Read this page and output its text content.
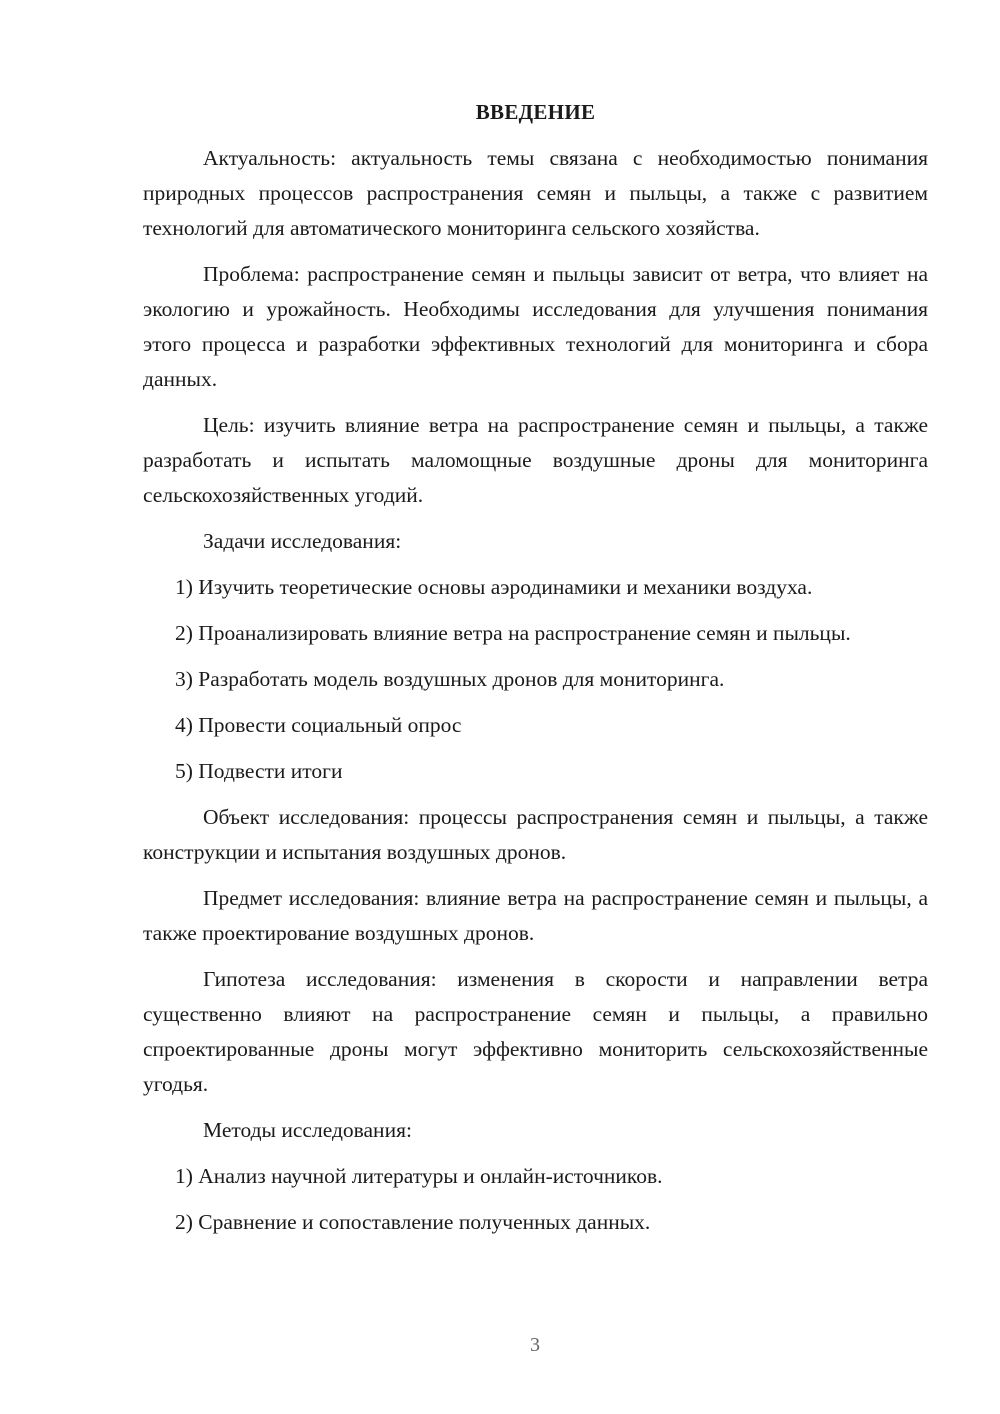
ВВЕДЕНИЕ

Актуальность: актуальность темы связана с необходимостью понимания природных процессов распространения семян и пыльцы, а также с развитием технологий для автоматического мониторинга сельского хозяйства.

Проблема: распространение семян и пыльцы зависит от ветра, что влияет на экологию и урожайность. Необходимы исследования для улучшения понимания этого процесса и разработки эффективных технологий для мониторинга и сбора данных.

Цель: изучить влияние ветра на распространение семян и пыльцы, а также разработать и испытать маломощные воздушные дроны для мониторинга сельскохозяйственных угодий.

Задачи исследования:

1) Изучить теоретические основы аэродинамики и механики воздуха.

2) Проанализировать влияние ветра на распространение семян и пыльцы.

3) Разработать модель воздушных дронов для мониторинга.

4) Провести социальный опрос

5) Подвести итоги

Объект исследования: процессы распространения семян и пыльцы, а также конструкции и испытания воздушных дронов.

Предмет исследования: влияние ветра на распространение семян и пыльцы, а также проектирование воздушных дронов.

Гипотеза исследования: изменения в скорости и направлении ветра существенно влияют на распространение семян и пыльцы, а правильно спроектированные дроны могут эффективно мониторить сельскохозяйственные угодья.

Методы исследования:

1) Анализ научной литературы и онлайн-источников.

2) Сравнение и сопоставление полученных данных.

3
